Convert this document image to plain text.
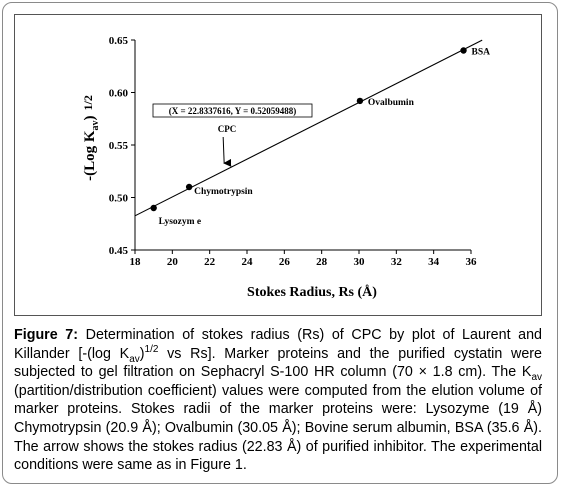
18 20 22 24 26 28 30 32 34 36
0.45
0.50
0.55
0.60
0.65
Lysozym e
Chymotrypsin
Ovalbumin
BSA
Stokes Radius, Rs (Å)
-(Log $K_{av})1/2$
(X = 22.8337616, Y = 0.52059488)
CPC
Figure 7: Determination of stokes radius (Rs) of CPC by plot of Laurent and Killander [-(log $K_{av})^{1/2}$ vs Rs]. Marker proteins and the purified cystatin were subjected to gel filtration on Sephacryl S-100 HR column (70 × 1.8 cm). The $K_{av}$ (partition/distribution coefficient) values were computed from the elution volume of marker proteins. Stokes radii of the marker proteins were: Lysozyme (19 Å) Chymotrypsin (20.9 Å); Ovalbumin (30.05 Å); Bovine serum albumin, BSA (35.6 Å). The arrow shows the stokes radius (22.83 Å) of purified inhibitor. The experimental conditions were same as in Figure 1.
